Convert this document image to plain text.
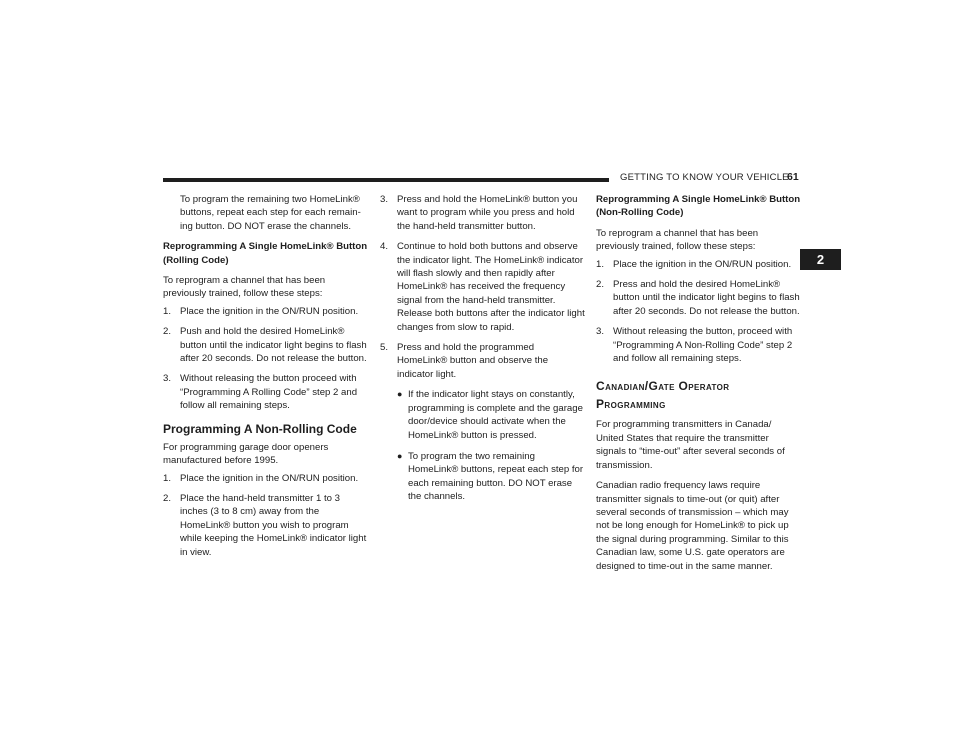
GETTING TO KNOW YOUR VEHICLE
61
2

To program the remaining two HomeLink® buttons, repeat each step for each remain-ing button. DO NOT erase the channels.

Reprogramming A Single HomeLink® Button (Rolling Code)

To reprogram a channel that has been previously trained, follow these steps:

1. Place the ignition in the ON/RUN position.
2. Push and hold the desired HomeLink® button until the indicator light begins to flash after 20 seconds. Do not release the button.
3. Without releasing the button proceed with “Programming A Rolling Code” step 2 and follow all remaining steps.
Programming A Non-Rolling Code

For programming garage door openers manufactured before 1995.

1. Place the ignition in the ON/RUN position.
2. Place the hand-held transmitter 1 to 3 inches (3 to 8 cm) away from the HomeLink® button you wish to program while keeping the HomeLink® indicator light in view.
3. Press and hold the HomeLink® button you want to program while you press and hold the hand-held transmitter button.
4. Continue to hold both buttons and observe the indicator light. The HomeLink® indicator will flash slowly and then rapidly after HomeLink® has received the frequency signal from the hand-held transmitter. Release both buttons after the indicator light changes from slow to rapid.
5. Press and hold the programmed HomeLink® button and observe the indicator light.
● If the indicator light stays on constantly, programming is complete and the garage door/device should activate when the HomeLink® button is pressed.
● To program the two remaining HomeLink® buttons, repeat each step for each remaining button. DO NOT erase the channels.

Reprogramming A Single HomeLink® Button (Non-Rolling Code)

To reprogram a channel that has been previously trained, follow these steps:

1. Place the ignition in the ON/RUN position.
2. Press and hold the desired HomeLink® button until the indicator light begins to flash after 20 seconds. Do not release the button.
3. Without releasing the button, proceed with “Programming A Non-Rolling Code” step 2 and follow all remaining steps.
Canadian/Gate Operator Programming

For programming transmitters in Canada/ United States that require the transmitter signals to “time-out” after several seconds of transmission.

Canadian radio frequency laws require transmitter signals to time-out (or quit) after several seconds of transmission – which may not be long enough for HomeLink® to pick up the signal during programming. Similar to this Canadian law, some U.S. gate operators are designed to time-out in the same manner.
